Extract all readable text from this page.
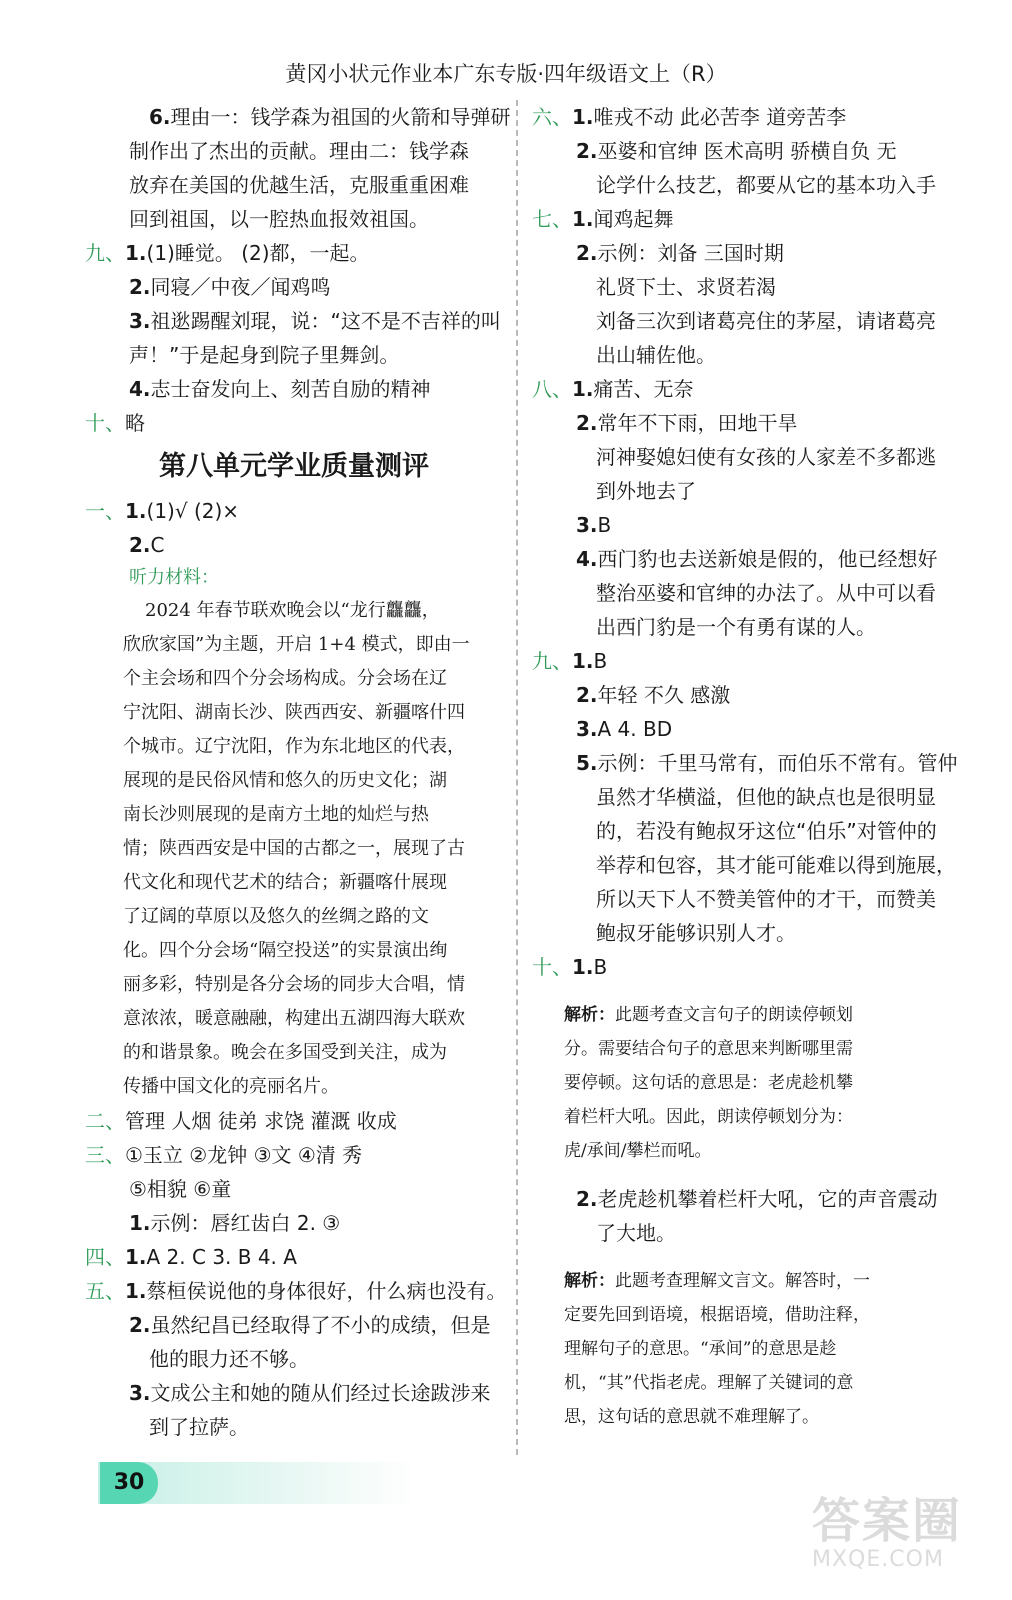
黄冈小状元作业本广东专版·四年级语文上（R）
6.理由一：钱学森为祖国的火箭和导弹研
制作出了杰出的贡献。理由二：钱学森
放弃在美国的优越生活，克服重重困难
回到祖国，以一腔热血报效祖国。
九、1.(1)睡觉。 (2)都，一起。
2.同寝／中夜／闻鸡鸣
3.祖逖踢醒刘琨，说：“这不是不吉祥的叫
声！”于是起身到院子里舞剑。
4.志士奋发向上、刻苦自励的精神
十、略
第八单元学业质量测评
一、1.(1)√ (2)×
2.C
听力材料：
2024 年春节联欢晚会以“龙行龘龘，
欣欣家国”为主题，开启 1+4 模式，即由一
个主会场和四个分会场构成。分会场在辽
宁沈阳、湖南长沙、陕西西安、新疆喀什四
个城市。辽宁沈阳，作为东北地区的代表，
展现的是民俗风情和悠久的历史文化；湖
南长沙则展现的是南方土地的灿烂与热
情；陕西西安是中国的古都之一，展现了古
代文化和现代艺术的结合；新疆喀什展现
了辽阔的草原以及悠久的丝绸之路的文
化。四个分会场“隔空投送”的实景演出绚
丽多彩，特别是各分会场的同步大合唱，情
意浓浓，暖意融融，构建出五湖四海大联欢
的和谐景象。晚会在多国受到关注，成为
传播中国文化的亮丽名片。
二、管理 人烟 徒弟 求饶 灌溉 收成
三、①玉立 ②龙钟 ③文 ④清 秀
⑤相貌 ⑥童
1.示例：唇红齿白 2. ③
四、1.A 2. C 3. B 4. A
五、1.蔡桓侯说他的身体很好，什么病也没有。
2.虽然纪昌已经取得了不小的成绩，但是
他的眼力还不够。
3.文成公主和她的随从们经过长途跋涉来
到了拉萨。
六、1.唯戎不动 此必苦李 道旁苦李
2.巫婆和官绅 医术高明 骄横自负 无
论学什么技艺，都要从它的基本功入手
七、1.闻鸡起舞
2.示例：刘备 三国时期
礼贤下士、求贤若渴
刘备三次到诸葛亮住的茅屋，请诸葛亮
出山辅佐他。
八、1.痛苦、无奈
2.常年不下雨，田地干旱
河神娶媳妇使有女孩的人家差不多都逃
到外地去了
3.B
4.西门豹也去送新娘是假的，他已经想好
整治巫婆和官绅的办法了。从中可以看
出西门豹是一个有勇有谋的人。
九、1.B
2.年轻 不久 感激
3.A 4. BD
5.示例：千里马常有，而伯乐不常有。管仲
虽然才华横溢，但他的缺点也是很明显
的，若没有鲍叔牙这位“伯乐”对管仲的
举荐和包容，其才能可能难以得到施展，
所以天下人不赞美管仲的才干，而赞美
鲍叔牙能够识别人才。
十、1.B
解析：此题考查文言句子的朗读停顿划
分。需要结合句子的意思来判断哪里需
要停顿。这句话的意思是：老虎趁机攀
着栏杆大吼。因此，朗读停顿划分为：
虎/承间/攀栏而吼。
2.老虎趁机攀着栏杆大吼，它的声音震动
了大地。
解析：此题考查理解文言文。解答时，一
定要先回到语境，根据语境，借助注释，
理解句子的意思。“承间”的意思是趁
机，“其”代指老虎。理解了关键词的意
思，这句话的意思就不难理解了。
30
答案圈
MXQE.COM
